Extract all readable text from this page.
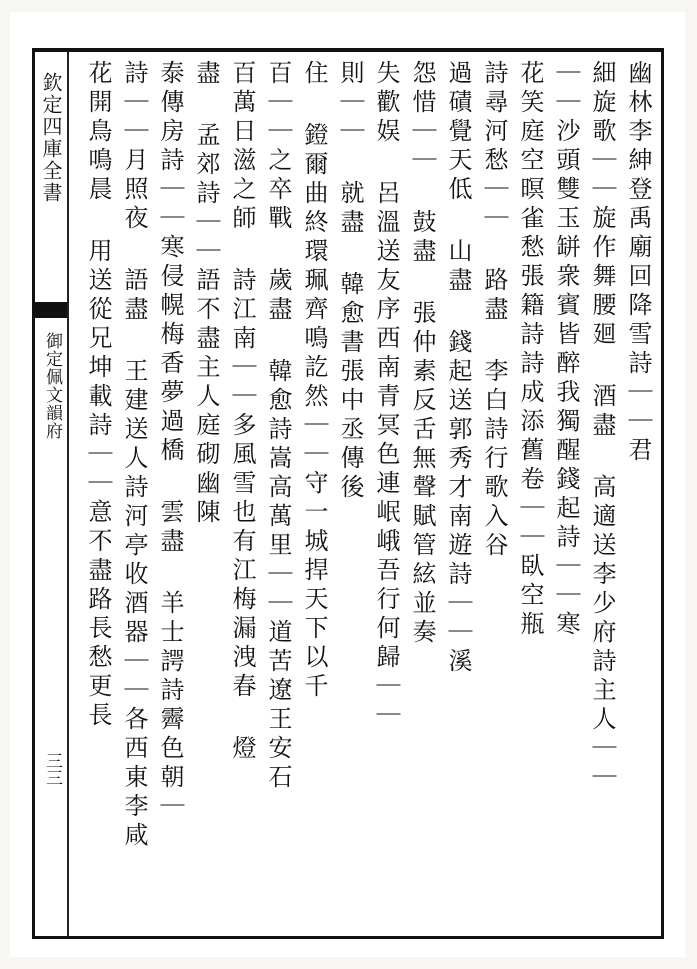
欽定四庫全書
御定佩文韻府
三三
幽林李紳登禹廟回降雪詩｜｜君
細旋歌｜｜旋作舞腰廻 酒盡 高適送李少府詩主人｜｜
｜｜沙頭雙玉缾衆賓皆醉我獨醒錢起詩｜｜寒
花笑庭空暝雀愁張籍詩詩成添舊卷｜｜臥空瓶
詩尋河愁｜｜ 路盡 李白詩行歌入谷
過磧覺天低 山盡 錢起送郭秀才南遊詩｜｜溪
怨惜｜｜ 鼓盡 張仲素反舌無聲賦管絃並奏
失歡娱 呂溫送友序西南青冥色連岷峨吾行何歸｜｜
則｜｜ 就盡 韓愈書張中丞傳後
住 鐙爾曲終環珮齊鳴訖然｜｜守一城捍天下以千
百｜｜之卒戰 歲盡 韓愈詩嵩高萬里｜｜道苦遼王安石
百萬日滋之師 詩江南｜｜多風雪也有江梅漏洩春 燈
盡 孟郊詩｜｜語不盡主人庭砌幽陳
泰傳房詩｜｜寒侵幌梅香夢過橋 雲盡 羊士諤詩霽色朝｜
詩｜｜月照夜 語盡 王建送人詩河亭收酒器｜｜各西東李咸
花開鳥鳴晨 用送從兄坤載詩｜｜意不盡路長愁更長
